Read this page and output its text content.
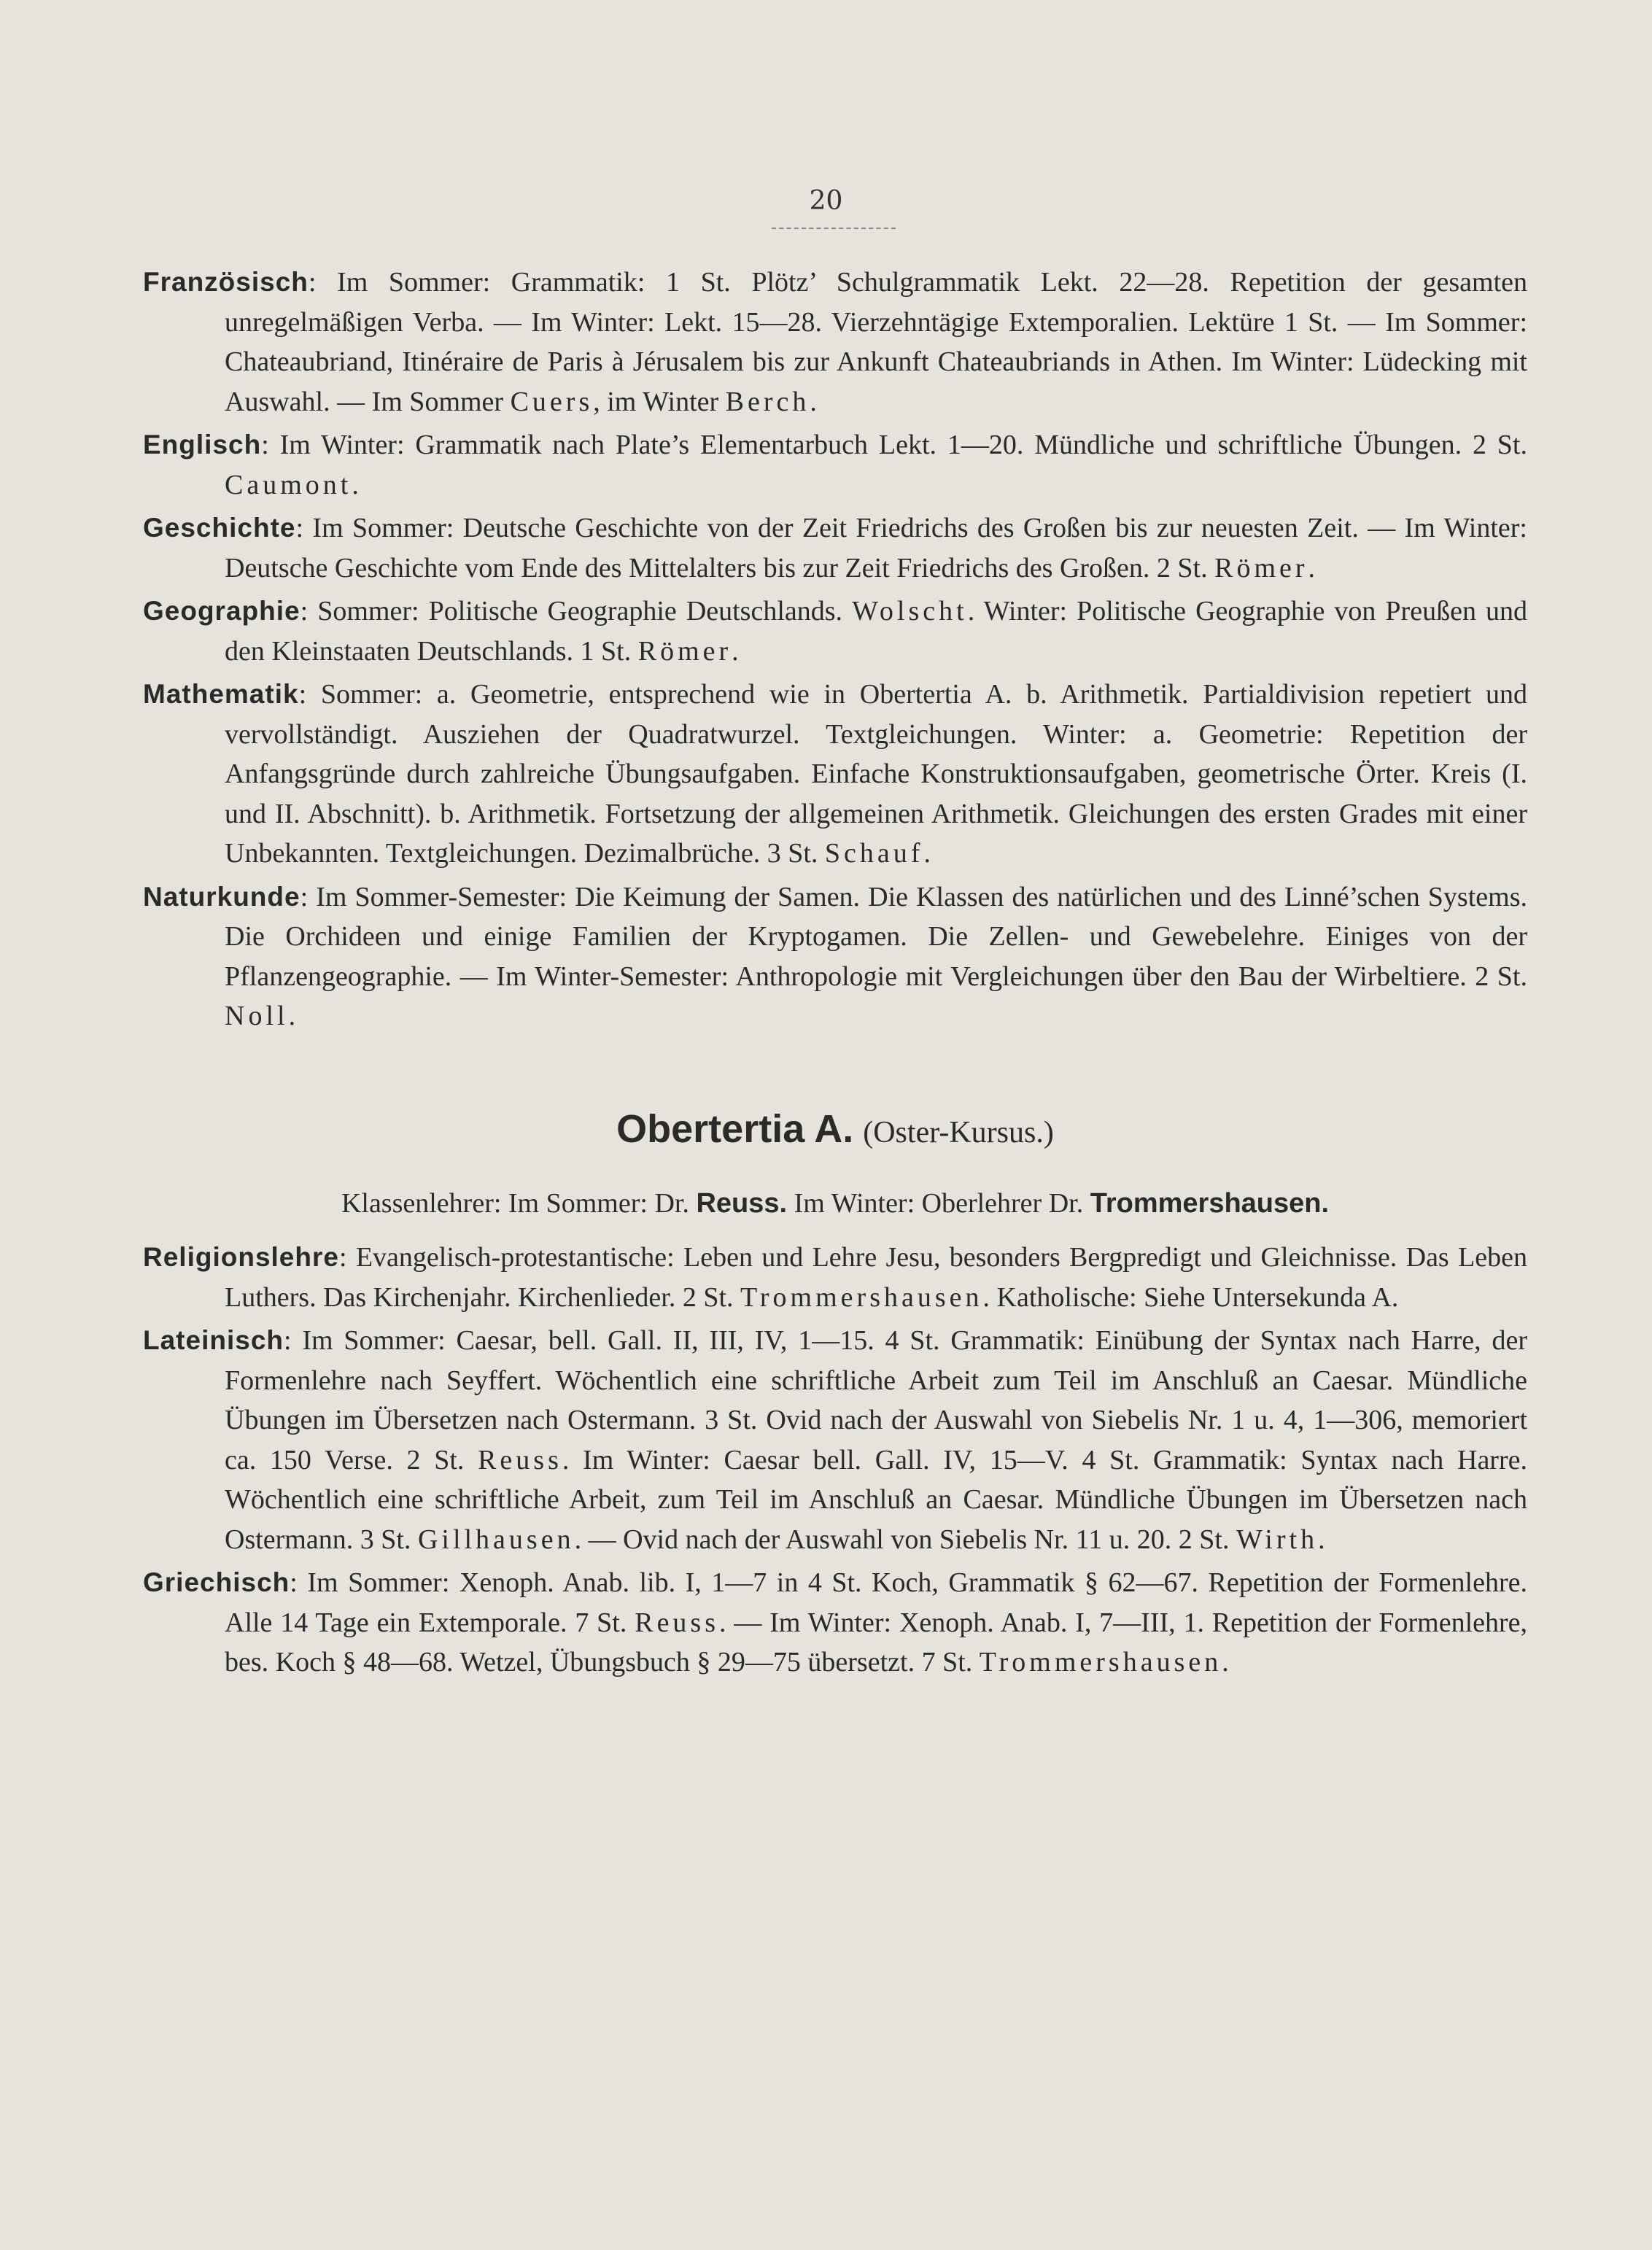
20

Französisch: Im Sommer: Grammatik: 1 St. Plötz’ Schulgrammatik Lekt. 22—28. Repetition der gesamten unregelmäßigen Verba. — Im Winter: Lekt. 15—28. Vierzehntägige Extemporalien. Lektüre 1 St. — Im Sommer: Chateaubriand, Itinéraire de Paris à Jérusalem bis zur Ankunft Chateaubriands in Athen. Im Winter: Lüdecking mit Auswahl. — Im Sommer Cuers, im Winter Berch.

Englisch: Im Winter: Grammatik nach Plate’s Elementarbuch Lekt. 1—20. Mündliche und schriftliche Übungen. 2 St. Caumont.

Geschichte: Im Sommer: Deutsche Geschichte von der Zeit Friedrichs des Großen bis zur neuesten Zeit. — Im Winter: Deutsche Geschichte vom Ende des Mittelalters bis zur Zeit Friedrichs des Großen. 2 St. Römer.

Geographie: Sommer: Politische Geographie Deutschlands. Wolscht. Winter: Politische Geographie von Preußen und den Kleinstaaten Deutschlands. 1 St. Römer.

Mathematik: Sommer: a. Geometrie, entsprechend wie in Obertertia A. b. Arithmetik. Partialdivision repetiert und vervollständigt. Ausziehen der Quadratwurzel. Textgleichungen. Winter: a. Geometrie: Repetition der Anfangsgründe durch zahlreiche Übungsaufgaben. Einfache Konstruktionsaufgaben, geometrische Örter. Kreis (I. und II. Abschnitt). b. Arithmetik. Fortsetzung der allgemeinen Arithmetik. Gleichungen des ersten Grades mit einer Unbekannten. Textgleichungen. Dezimalbrüche. 3 St. Schauf.

Naturkunde: Im Sommer-Semester: Die Keimung der Samen. Die Klassen des natürlichen und des Linné’schen Systems. Die Orchideen und einige Familien der Kryptogamen. Die Zellen- und Gewebelehre. Einiges von der Pflanzengeographie. — Im Winter-Semester: Anthropologie mit Vergleichungen über den Bau der Wirbeltiere. 2 St. Noll.

Obertertia A. (Oster-Kursus.)

Klassenlehrer: Im Sommer: Dr. Reuss. Im Winter: Oberlehrer Dr. Trommershausen.

Religionslehre: Evangelisch-protestantische: Leben und Lehre Jesu, besonders Bergpredigt und Gleichnisse. Das Leben Luthers. Das Kirchenjahr. Kirchenlieder. 2 St. Trommershausen. Katholische: Siehe Untersekunda A.

Lateinisch: Im Sommer: Caesar, bell. Gall. II, III, IV, 1—15. 4 St. Grammatik: Einübung der Syntax nach Harre, der Formenlehre nach Seyffert. Wöchentlich eine schriftliche Arbeit zum Teil im Anschluß an Caesar. Mündliche Übungen im Übersetzen nach Ostermann. 3 St. Ovid nach der Auswahl von Siebelis Nr. 1 u. 4, 1—306, memoriert ca. 150 Verse. 2 St. Reuss. Im Winter: Caesar bell. Gall. IV, 15—V. 4 St. Grammatik: Syntax nach Harre. Wöchentlich eine schriftliche Arbeit, zum Teil im Anschluß an Caesar. Mündliche Übungen im Übersetzen nach Ostermann. 3 St. Gillhausen. — Ovid nach der Auswahl von Siebelis Nr. 11 u. 20. 2 St. Wirth.

Griechisch: Im Sommer: Xenoph. Anab. lib. I, 1—7 in 4 St. Koch, Grammatik § 62—67. Repetition der Formenlehre. Alle 14 Tage ein Extemporale. 7 St. Reuss. — Im Winter: Xenoph. Anab. I, 7—III, 1. Repetition der Formenlehre, bes. Koch § 48—68. Wetzel, Übungsbuch § 29—75 übersetzt. 7 St. Trommershausen.
